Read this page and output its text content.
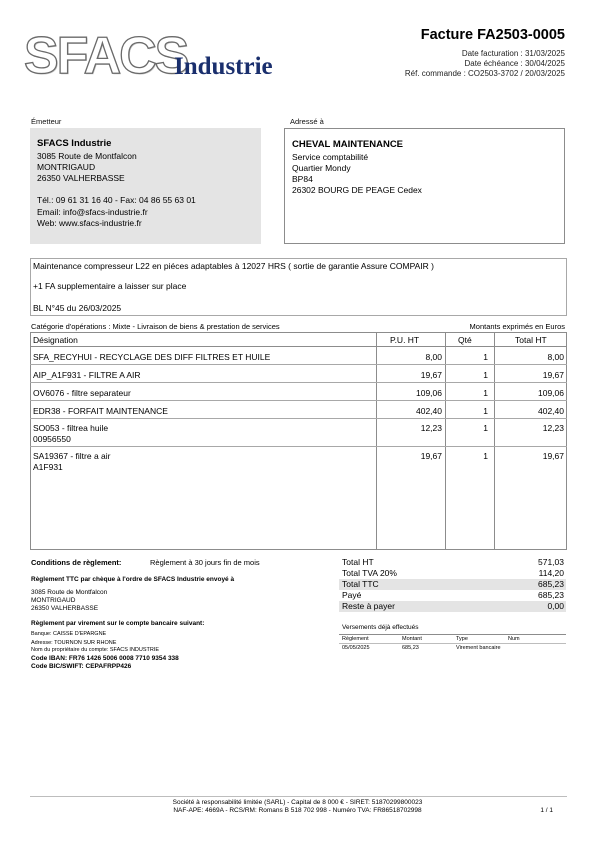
SFACS
Industrie
Facture FA2503-0005
Date facturation : 31/03/2025
Date échéance : 30/04/2025
Réf. commande : CO2503-3702 / 20/03/2025
Émetteur
SFACS Industrie
3085 Route de Montfalcon
MONTRIGAUD
26350 VALHERBASSE
Tél.: 09 61 31 16 40 - Fax: 04 86 55 63 01
Email: info@sfacs-industrie.fr
Web: www.sfacs-industrie.fr
Adressé à
CHEVAL MAINTENANCE
Service comptabilité
Quartier Mondy
BP84
26302 BOURG DE PEAGE Cedex
Maintenance compresseur L22 en piéces adaptables à 12027 HRS ( sortie de garantie Assure COMPAIR )
+1 FA supplementaire a laisser sur place
BL N°45 du 26/03/2025
Catégorie d'opérations : Mixte - Livraison de biens & prestation de services	Montants exprimés en Euros
Désignation	P.U. HT	Qté	Total HT
SFA_RECYHUI - RECYCLAGE DES DIFF FILTRES ET HUILE	8,00	1	8,00
AIP_A1F931 - FILTRE A AIR	19,67	1	19,67
OV6076 - filtre separateur	109,06	1	109,06
EDR38 - FORFAIT MAINTENANCE	402,40	1	402,40
SO053 - filtrea huile
00956550
12,23	1	12,23
SA19367 - filtre a air
A1F931
19,67	1	19,67
Conditions de règlement:	Règlement à 30 jours fin de mois
Règlement TTC par chèque à l'ordre de SFACS Industrie envoyé à
3085 Route de Montfalcon
MONTRIGAUD
26350 VALHERBASSE
Règlement par virement sur le compte bancaire suivant:
Banque: CAISSE D'EPARGNE
Adresse: TOURNON SUR RHONE
Nom du propriétaire du compte: SFACS INDUSTRIE
Code IBAN: FR76 1426 5006 0008 7710 9354 338
Code BIC/SWIFT: CEPAFRPP426
Total HT	571,03
Total TVA 20%	114,20
Total TTC	685,23
Payé	685,23
Reste à payer	0,00
Versements déjà effectués
Règlement	Montant	Type	Num
05/05/2025	685,23	Virement bancaire
Société à responsabilité limitée (SARL) - Capital de 8 000 € - SIRET: 51870299800023
NAF-APE: 4669A - RCS/RM: Romans B 518 702 998 - Numéro TVA: FR86518702998	1 / 1
